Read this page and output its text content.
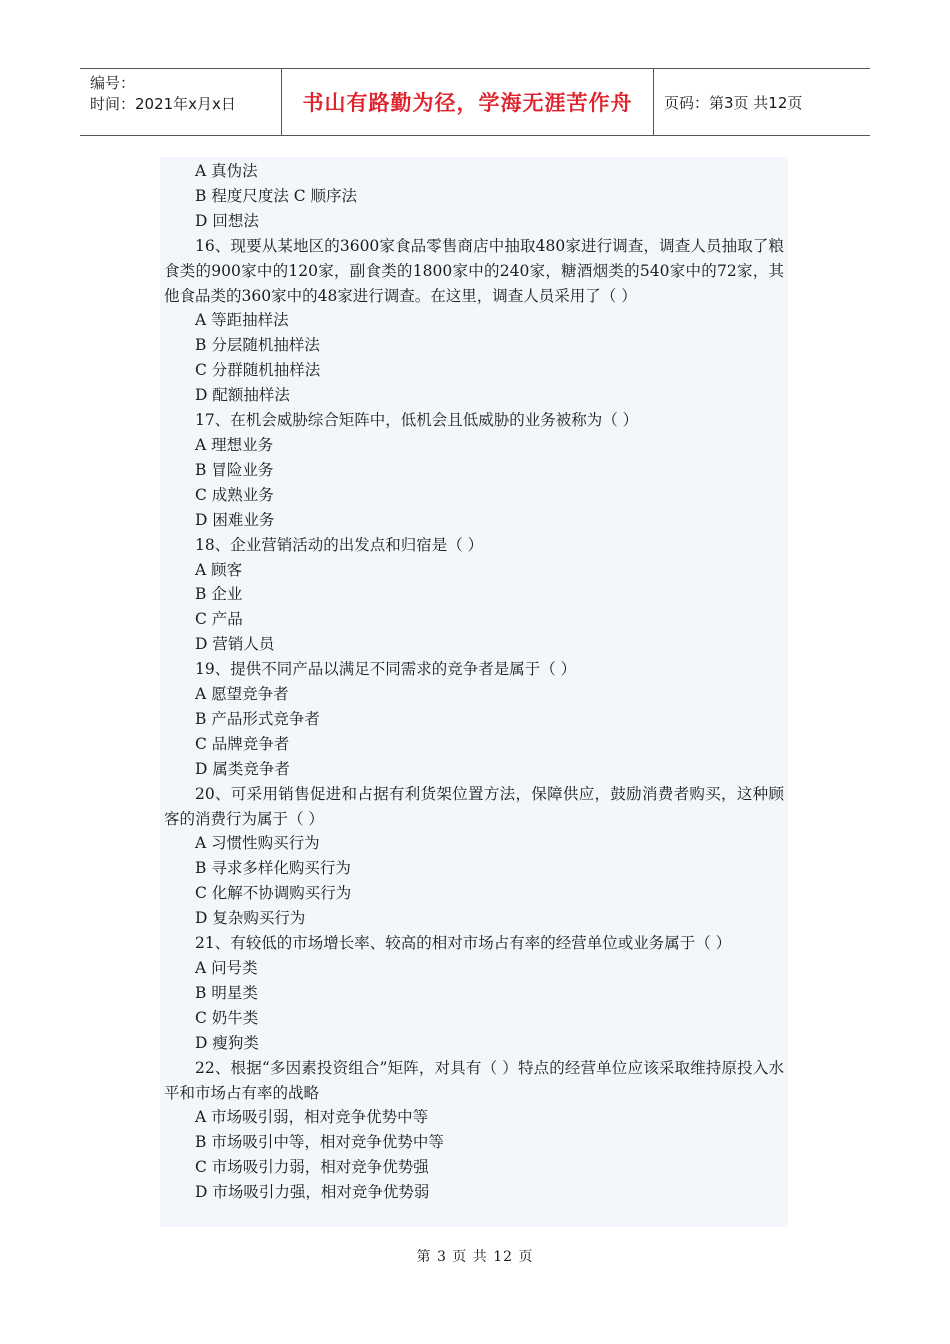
编号：
时间：2021年x月x日	书山有路勤为径，学海无涯苦作舟 页码：第3页 共12页
A 真伪法
B 程度尺度法 C 顺序法
D 回想法
16、现要从某地区的3600家食品零售商店中抽取480家进行调查，调查人员抽取了粮食类的900家中的120家，副食类的1800家中的240家，糖酒烟类的540家中的72家，其他食品类的360家中的48家进行调查。在这里，调查人员采用了（ ）
A 等距抽样法
B 分层随机抽样法
C 分群随机抽样法
D 配额抽样法
17、在机会威胁综合矩阵中，低机会且低威胁的业务被称为（ ）
A 理想业务
B 冒险业务
C 成熟业务
D 困难业务
18、企业营销活动的出发点和归宿是（ ）
A 顾客
B 企业
C 产品
D 营销人员
19、提供不同产品以满足不同需求的竞争者是属于（ ）
A 愿望竞争者
B 产品形式竞争者
C 品牌竞争者
D 属类竞争者
20、可采用销售促进和占据有利货架位置方法，保障供应，鼓励消费者购买，这种顾客的消费行为属于（ ）
A 习惯性购买行为
B 寻求多样化购买行为
C 化解不协调购买行为
D 复杂购买行为
21、有较低的市场增长率、较高的相对市场占有率的经营单位或业务属于（ ）
A 问号类
B 明星类
C 奶牛类
D 瘦狗类
22、根据“多因素投资组合”矩阵，对具有（ ）特点的经营单位应该采取维持原投入水平和市场占有率的战略
A 市场吸引弱，相对竞争优势中等
B 市场吸引中等，相对竞争优势中等
C 市场吸引力弱，相对竞争优势强
D 市场吸引力强，相对竞争优势弱
第 3 页 共 12 页
